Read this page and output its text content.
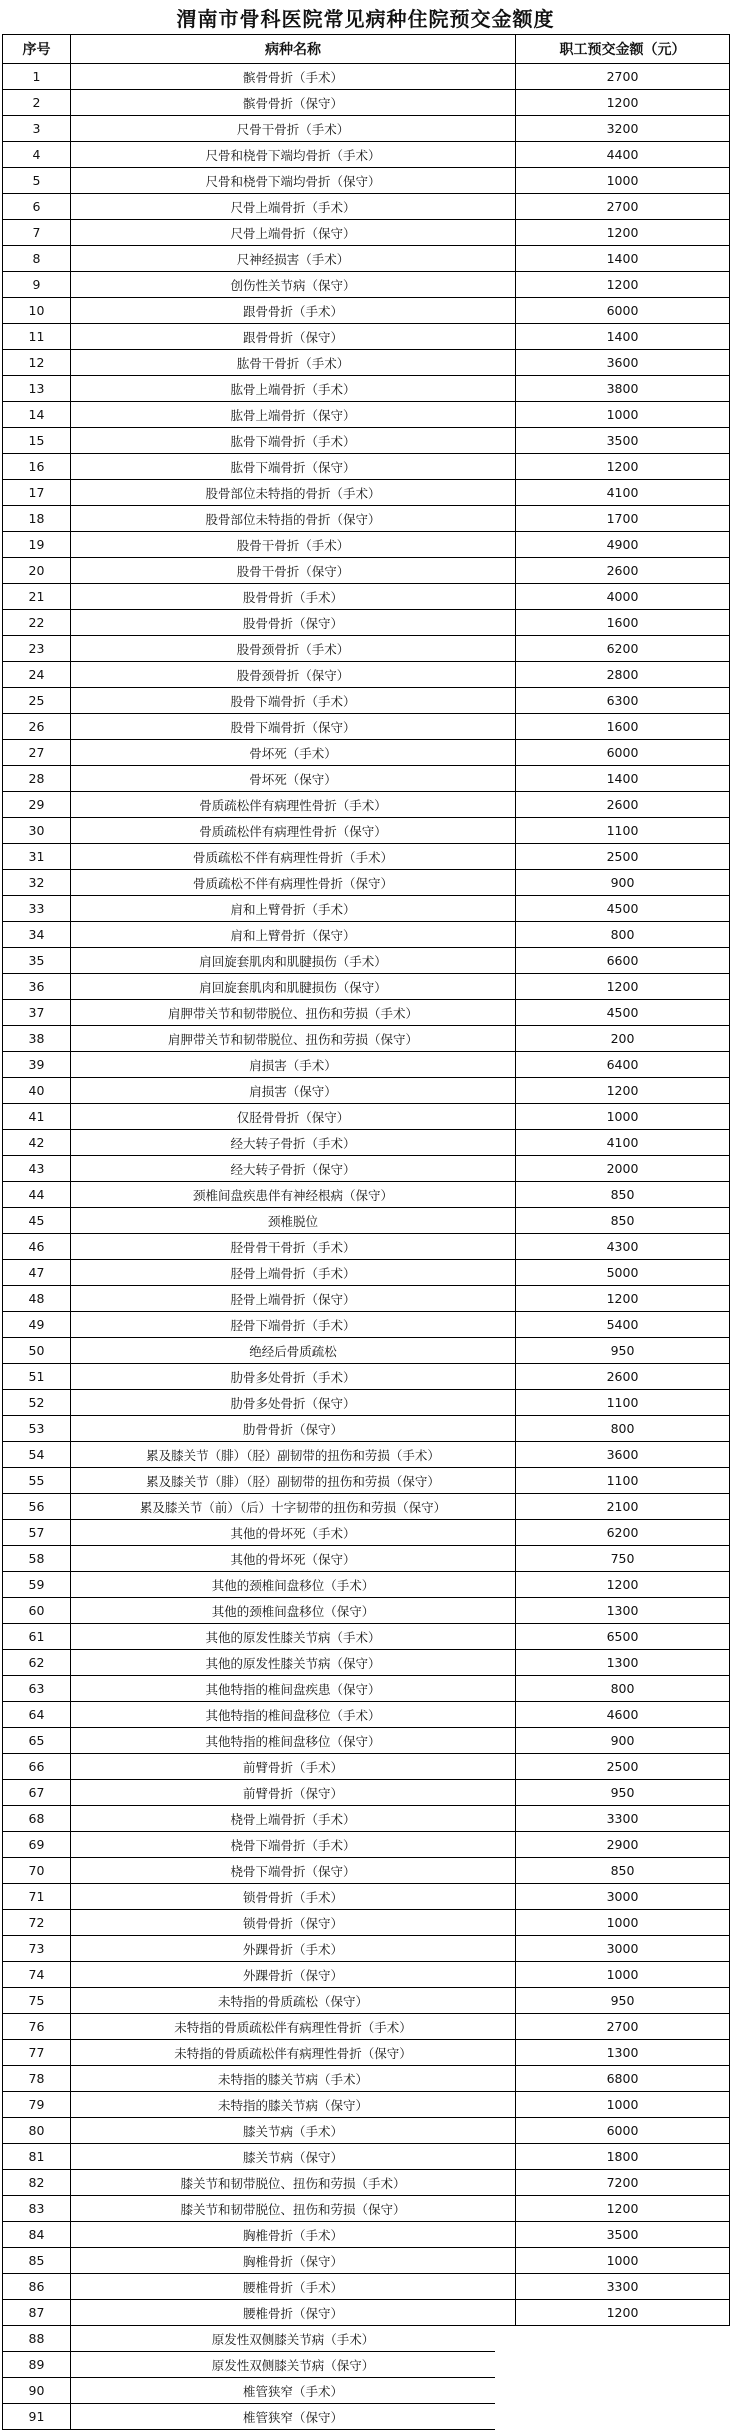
渭南市骨科医院常见病种住院预交金额度
序号	病种名称	职工预交金额（元）
1	髌骨骨折（手术）	2700
2	髌骨骨折（保守）	1200
3	尺骨干骨折（手术）	3200
4	尺骨和桡骨下端均骨折（手术）	4400
5	尺骨和桡骨下端均骨折（保守）	1000
6	尺骨上端骨折（手术）	2700
7	尺骨上端骨折（保守）	1200
8	尺神经损害（手术）	1400
9	创伤性关节病（保守）	1200
10	跟骨骨折（手术）	6000
11	跟骨骨折（保守）	1400
12	肱骨干骨折（手术）	3600
13	肱骨上端骨折（手术）	3800
14	肱骨上端骨折（保守）	1000
15	肱骨下端骨折（手术）	3500
16	肱骨下端骨折（保守）	1200
17	股骨部位未特指的骨折（手术）	4100
18	股骨部位未特指的骨折（保守）	1700
19	股骨干骨折（手术）	4900
20	股骨干骨折（保守）	2600
21	股骨骨折（手术）	4000
22	股骨骨折（保守）	1600
23	股骨颈骨折（手术）	6200
24	股骨颈骨折（保守）	2800
25	股骨下端骨折（手术）	6300
26	股骨下端骨折（保守）	1600
27	骨坏死（手术）	6000
28	骨坏死（保守）	1400
29	骨质疏松伴有病理性骨折（手术）	2600
30	骨质疏松伴有病理性骨折（保守）	1100
31	骨质疏松不伴有病理性骨折（手术）	2500
32	骨质疏松不伴有病理性骨折（保守）	900
33	肩和上臂骨折（手术）	4500
34	肩和上臂骨折（保守）	800
35	肩回旋套肌肉和肌腱损伤（手术）	6600
36	肩回旋套肌肉和肌腱损伤（保守）	1200
37	肩胛带关节和韧带脱位、扭伤和劳损（手术）	4500
38	肩胛带关节和韧带脱位、扭伤和劳损（保守）	200
39	肩损害（手术）	6400
40	肩损害（保守）	1200
41	仅胫骨骨折（保守）	1000
42	经大转子骨折（手术）	4100
43	经大转子骨折（保守）	2000
44	颈椎间盘疾患伴有神经根病（保守）	850
45	颈椎脱位	850
46	胫骨骨干骨折（手术）	4300
47	胫骨上端骨折（手术）	5000
48	胫骨上端骨折（保守）	1200
49	胫骨下端骨折（手术）	5400
50	绝经后骨质疏松	950
51	肋骨多处骨折（手术）	2600
52	肋骨多处骨折（保守）	1100
53	肋骨骨折（保守）	800
54	累及膝关节（腓）（胫）副韧带的扭伤和劳损（手术）	3600
55	累及膝关节（腓）（胫）副韧带的扭伤和劳损（保守）	1100
56	累及膝关节（前）（后）十字韧带的扭伤和劳损（保守）	2100
57	其他的骨坏死（手术）	6200
58	其他的骨坏死（保守）	750
59	其他的颈椎间盘移位（手术）	1200
60	其他的颈椎间盘移位（保守）	1300
61	其他的原发性膝关节病（手术）	6500
62	其他的原发性膝关节病（保守）	1300
63	其他特指的椎间盘疾患（保守）	800
64	其他特指的椎间盘移位（手术）	4600
65	其他特指的椎间盘移位（保守）	900
66	前臂骨折（手术）	2500
67	前臂骨折（保守）	950
68	桡骨上端骨折（手术）	3300
69	桡骨下端骨折（手术）	2900
70	桡骨下端骨折（保守）	850
71	锁骨骨折（手术）	3000
72	锁骨骨折（保守）	1000
73	外踝骨折（手术）	3000
74	外踝骨折（保守）	1000
75	未特指的骨质疏松（保守）	950
76	未特指的骨质疏松伴有病理性骨折（手术）	2700
77	未特指的骨质疏松伴有病理性骨折（保守）	1300
78	未特指的膝关节病（手术）	6800
79	未特指的膝关节病（保守）	1000
80	膝关节病（手术）	6000
81	膝关节病（保守）	1800
82	膝关节和韧带脱位、扭伤和劳损（手术）	7200
83	膝关节和韧带脱位、扭伤和劳损（保守）	1200
84	胸椎骨折（手术）	3500
85	胸椎骨折（保守）	1000
86	腰椎骨折（手术）	3300
87	腰椎骨折（保守）	1200
88	原发性双侧膝关节病（手术）	
89	原发性双侧膝关节病（保守）	
90	椎管狭窄（手术）	
91	椎管狭窄（保守）	
